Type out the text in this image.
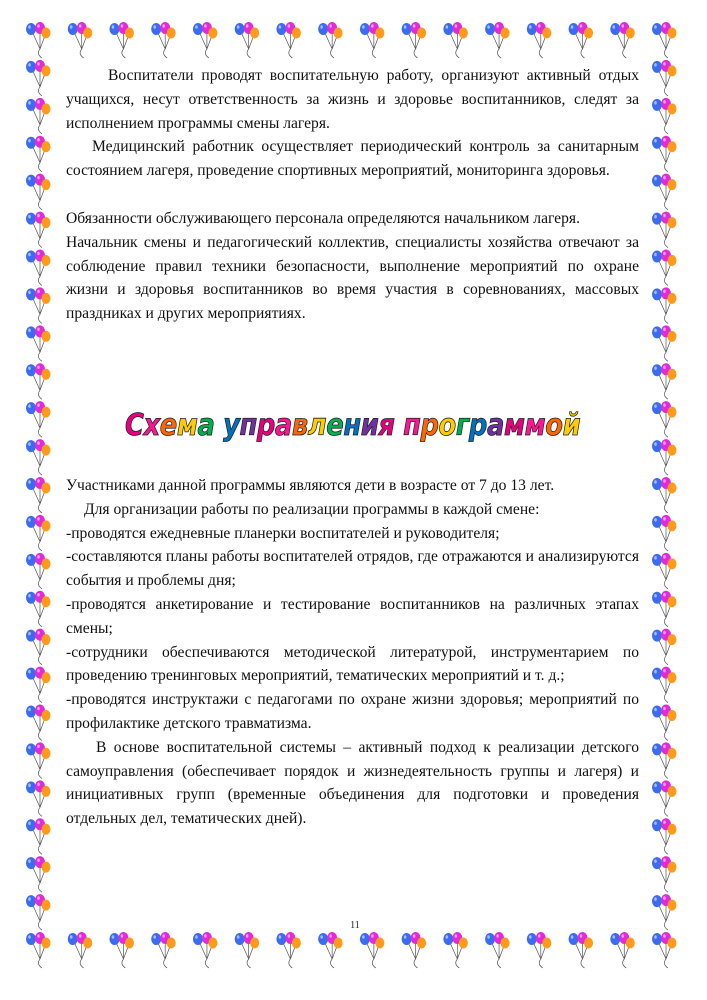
Воспитатели проводят воспитательную работу, организуют активный отдых учащихся, несут ответственность за жизнь и здоровье воспитанников, следят за исполнением программы смены лагеря.

Медицинский работник осуществляет периодический контроль за санитарным состоянием лагеря, проведение спортивных мероприятий, мониторинга здоровья.

Обязанности обслуживающего персонала определяются начальником лагеря.

Начальник смены и педагогический коллектив, специалисты хозяйства отвечают за соблюдение правил техники безопасности, выполнение мероприятий по охране жизни и здоровья воспитанников во время участия в соревнованиях, массовых праздниках и других мероприятиях.

Схема управления программой

Участниками данной программы являются дети в возрасте от 7 до 13 лет.

Для организации работы по реализации программы в каждой смене:

-проводятся ежедневные планерки воспитателей и руководителя;

-составляются планы работы воспитателей отрядов, где отражаются и анализируются события и проблемы дня;

-проводятся анкетирование и тестирование воспитанников на различных этапах смены;

-сотрудники обеспечиваются методической литературой, инструментарием по проведению тренинговых мероприятий, тематических мероприятий и т. д.;

-проводятся инструктажи с педагогами по охране жизни здоровья; мероприятий по профилактике детского травматизма.

В основе воспитательной системы – активный подход к реализации детского самоуправления (обеспечивает порядок и жизнедеятельность группы и лагеря) и инициативных групп (временные объединения для подготовки и проведения отдельных дел, тематических дней).

11
